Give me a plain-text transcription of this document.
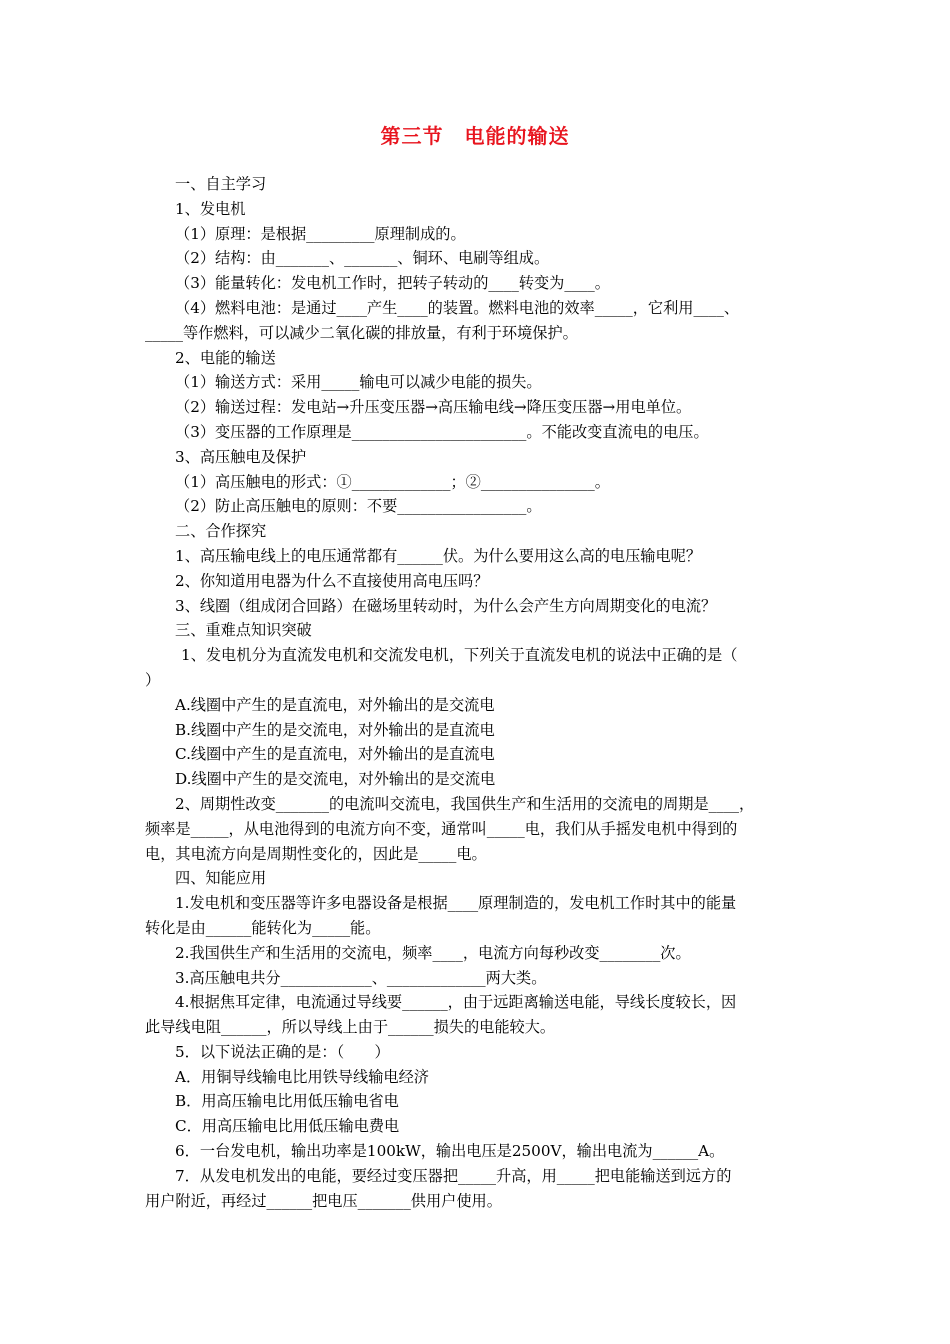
第三节　电能的输送
一、自主学习
1、发电机
（1）原理：是根据_________原理制成的。
（2）结构：由_______、_______、铜环、电刷等组成。
（3）能量转化：发电机工作时，把转子转动的____转变为____。
（4）燃料电池：是通过____产生____的装置。燃料电池的效率_____，它利用____、
_____等作燃料，可以减少二氧化碳的排放量，有利于环境保护。
2、电能的输送
（1）输送方式：采用_____输电可以减少电能的损失。
（2）输送过程：发电站→升压变压器→高压输电线→降压变压器→用电单位。
（3）变压器的工作原理是_______________________。不能改变直流电的电压。
3、高压触电及保护
（1）高压触电的形式：①_____________；②_______________。
（2）防止高压触电的原则：不要_________________。
二、合作探究
1、高压输电线上的电压通常都有______伏。为什么要用这么高的电压输电呢？
2、你知道用电器为什么不直接使用高电压吗？
3、线圈（组成闭合回路）在磁场里转动时，为什么会产生方向周期变化的电流？
三、重难点知识突破
1、发电机分为直流发电机和交流发电机，下列关于直流发电机的说法中正确的是（
）
A.线圈中产生的是直流电，对外输出的是交流电
B.线圈中产生的是交流电，对外输出的是直流电
C.线圈中产生的是直流电，对外输出的是直流电
D.线圈中产生的是交流电，对外输出的是交流电
2、周期性改变_______的电流叫交流电，我国供生产和生活用的交流电的周期是____，
频率是_____，从电池得到的电流方向不变，通常叫_____电，我们从手摇发电机中得到的
电，其电流方向是周期性变化的，因此是_____电。
四、知能应用
1.发电机和变压器等许多电器设备是根据____原理制造的，发电机工作时其中的能量
转化是由______能转化为_____能。
2.我国供生产和生活用的交流电，频率____，电流方向每秒改变________次。
3.高压触电共分____________、_____________两大类。
4.根据焦耳定律，电流通过导线要______，由于远距离输送电能，导线长度较长，因
此导线电阻______，所以导线上由于______损失的电能较大。
5．以下说法正确的是：（　　）
A．用铜导线输电比用铁导线输电经济
B．用高压输电比用低压输电省电
C．用高压输电比用低压输电费电
6．一台发电机，输出功率是100kW，输出电压是2500V，输出电流为______A。
7．从发电机发出的电能，要经过变压器把_____升高，用_____把电能输送到远方的
用户附近，再经过______把电压_______供用户使用。
